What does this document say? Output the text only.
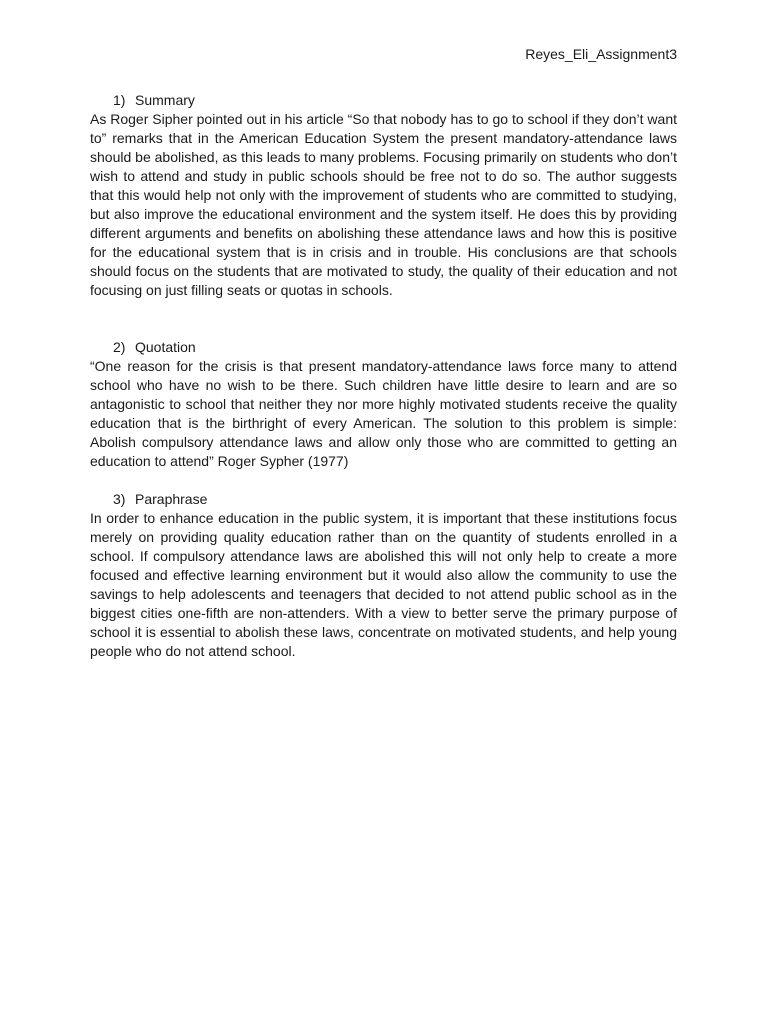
Reyes_Eli_Assignment3

1) Summary

As Roger Sipher pointed out in his article “So that nobody has to go to school if they don’t want to” remarks that in the American Education System the present mandatory-attendance laws should be abolished, as this leads to many problems. Focusing primarily on students who don’t wish to attend and study in public schools should be free not to do so. The author suggests that this would help not only with the improvement of students who are committed to studying, but also improve the educational environment and the system itself. He does this by providing different arguments and benefits on abolishing these attendance laws and how this is positive for the educational system that is in crisis and in trouble. His conclusions are that schools should focus on the students that are motivated to study, the quality of their education and not focusing on just filling seats or quotas in schools.

2) Quotation

“One reason for the crisis is that present mandatory-attendance laws force many to attend school who have no wish to be there. Such children have little desire to learn and are so antagonistic to school that neither they nor more highly motivated students receive the quality education that is the birthright of every American. The solution to this problem is simple: Abolish compulsory attendance laws and allow only those who are committed to getting an education to attend” Roger Sypher (1977)

3) Paraphrase

In order to enhance education in the public system, it is important that these institutions focus merely on providing quality education rather than on the quantity of students enrolled in a school. If compulsory attendance laws are abolished this will not only help to create a more focused and effective learning environment but it would also allow the community to use the savings to help adolescents and teenagers that decided to not attend public school as in the biggest cities one-fifth are non-attenders. With a view to better serve the primary purpose of school it is essential to abolish these laws, concentrate on motivated students, and help young people who do not attend school.
